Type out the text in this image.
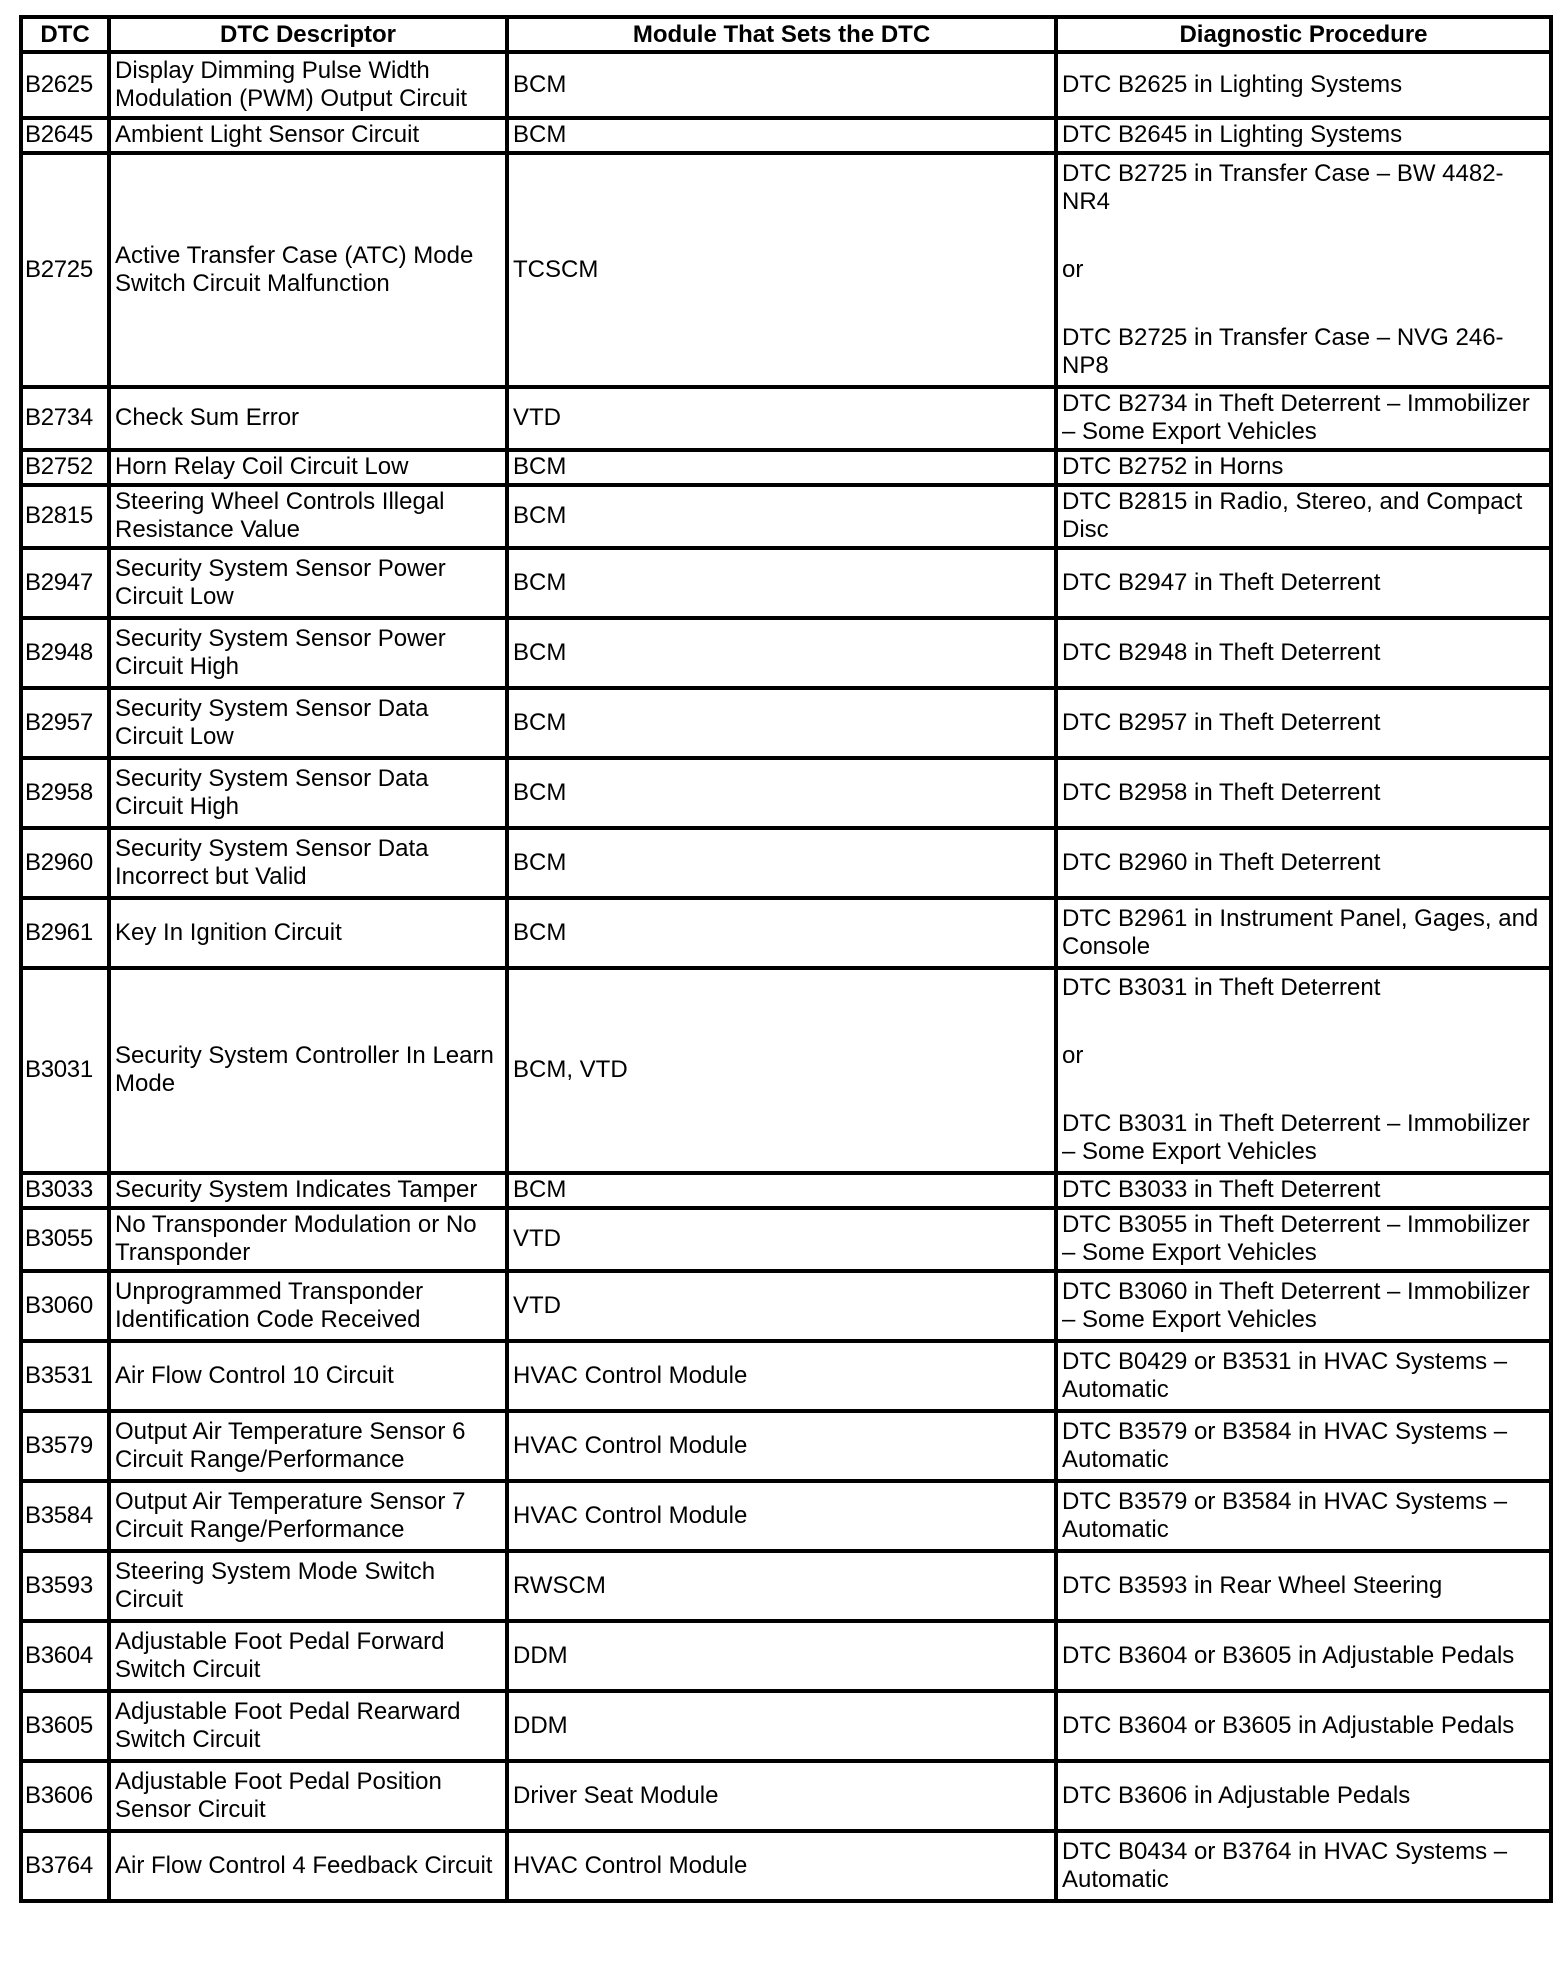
DTC	DTC Descriptor	Module That Sets the DTC	Diagnostic Procedure
B2625	Display Dimming Pulse Width Modulation (PWM) Output Circuit	BCM	DTC B2625 in Lighting Systems

B2645	Ambient Light Sensor Circuit	BCM	DTC B2645 in Lighting Systems

B2725	Active Transfer Case (ATC) Mode Switch Circuit Malfunction	TCSCM	DTC B2725 in Transfer Case – BW 4482-NR4
or
DTC B2725 in Transfer Case – NVG 246-NP8

B2734	Check Sum Error	VTD	DTC B2734 in Theft Deterrent – Immobilizer – Some Export Vehicles

B2752	Horn Relay Coil Circuit Low	BCM	DTC B2752 in Horns

B2815	Steering Wheel Controls Illegal Resistance Value	BCM	DTC B2815 in Radio, Stereo, and Compact Disc

B2947	Security System Sensor Power Circuit Low	BCM	DTC B2947 in Theft Deterrent

B2948	Security System Sensor Power Circuit High	BCM	DTC B2948 in Theft Deterrent

B2957	Security System Sensor Data Circuit Low	BCM	DTC B2957 in Theft Deterrent

B2958	Security System Sensor Data Circuit High	BCM	DTC B2958 in Theft Deterrent

B2960	Security System Sensor Data Incorrect but Valid	BCM	DTC B2960 in Theft Deterrent

B2961	Key In Ignition Circuit	BCM	DTC B2961 in Instrument Panel, Gages, and Console

B3031	Security System Controller In Learn Mode	BCM, VTD	DTC B3031 in Theft Deterrent
or
DTC B3031 in Theft Deterrent – Immobilizer – Some Export Vehicles

B3033	Security System Indicates Tamper	BCM	DTC B3033 in Theft Deterrent

B3055	No Transponder Modulation or No Transponder	VTD	DTC B3055 in Theft Deterrent – Immobilizer – Some Export Vehicles

B3060	Unprogrammed Transponder Identification Code Received	VTD	DTC B3060 in Theft Deterrent – Immobilizer – Some Export Vehicles

B3531	Air Flow Control 10 Circuit	HVAC Control Module	DTC B0429 or B3531 in HVAC Systems – Automatic

B3579	Output Air Temperature Sensor 6 Circuit Range/Performance	HVAC Control Module	DTC B3579 or B3584 in HVAC Systems – Automatic

B3584	Output Air Temperature Sensor 7 Circuit Range/Performance	HVAC Control Module	DTC B3579 or B3584 in HVAC Systems – Automatic

B3593	Steering System Mode Switch Circuit	RWSCM	DTC B3593 in Rear Wheel Steering

B3604	Adjustable Foot Pedal Forward Switch Circuit	DDM	DTC B3604 or B3605 in Adjustable Pedals

B3605	Adjustable Foot Pedal Rearward Switch Circuit	DDM	DTC B3604 or B3605 in Adjustable Pedals

B3606	Adjustable Foot Pedal Position Sensor Circuit	Driver Seat Module	DTC B3606 in Adjustable Pedals

B3764	Air Flow Control 4 Feedback Circuit	HVAC Control Module	DTC B0434 or B3764 in HVAC Systems – Automatic
